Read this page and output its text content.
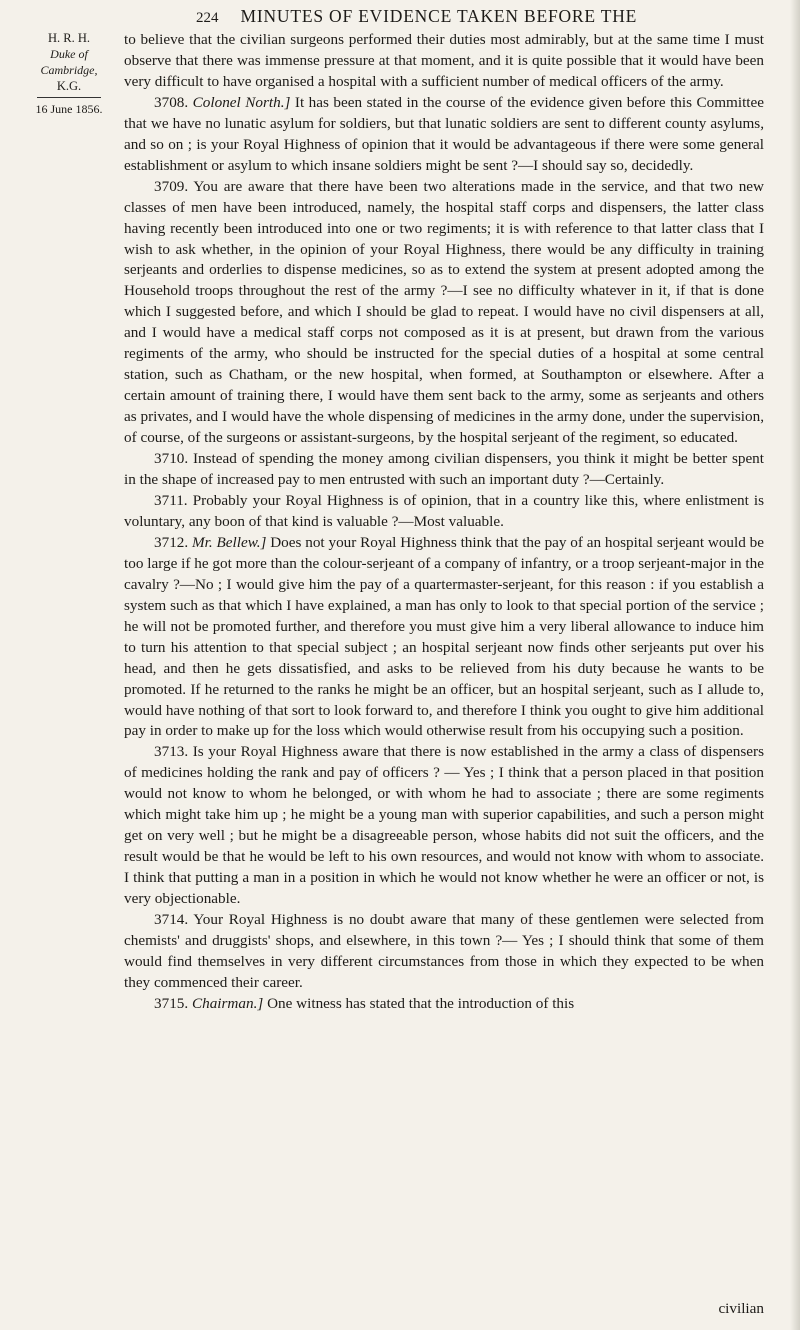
224 MINUTES OF EVIDENCE TAKEN BEFORE THE
H. R. H.
Duke of Cambridge,
K.G.
16 June 1856.

to believe that the civilian surgeons performed their duties most admirably, but at the same time I must observe that there was immense pressure at that moment, and it is quite possible that it would have been very difficult to have organised a hospital with a sufficient number of medical officers of the army.

3708. Colonel North.] It has been stated in the course of the evidence given before this Committee that we have no lunatic asylum for soldiers, but that lunatic soldiers are sent to different county asylums, and so on ; is your Royal Highness of opinion that it would be advantageous if there were some general establishment or asylum to which insane soldiers might be sent ?—I should say so, decidedly.

3709. You are aware that there have been two alterations made in the service, and that two new classes of men have been introduced, namely, the hospital staff corps and dispensers, the latter class having recently been introduced into one or two regiments; it is with reference to that latter class that I wish to ask whether, in the opinion of your Royal Highness, there would be any difficulty in training serjeants and orderlies to dispense medicines, so as to extend the system at present adopted among the Household troops throughout the rest of the army ?—I see no difficulty whatever in it, if that is done which I suggested before, and which I should be glad to repeat. I would have no civil dispensers at all, and I would have a medical staff corps not composed as it is at present, but drawn from the various regiments of the army, who should be instructed for the special duties of a hospital at some central station, such as Chatham, or the new hospital, when formed, at Southampton or elsewhere. After a certain amount of training there, I would have them sent back to the army, some as serjeants and others as privates, and I would have the whole dispensing of medicines in the army done, under the supervision, of course, of the surgeons or assistant-surgeons, by the hospital serjeant of the regiment, so educated.

3710. Instead of spending the money among civilian dispensers, you think it might be better spent in the shape of increased pay to men entrusted with such an important duty ?—Certainly.

3711. Probably your Royal Highness is of opinion, that in a country like this, where enlistment is voluntary, any boon of that kind is valuable ?—Most valuable.

3712. Mr. Bellew.] Does not your Royal Highness think that the pay of an hospital serjeant would be too large if he got more than the colour-serjeant of a company of infantry, or a troop serjeant-major in the cavalry ?—No ; I would give him the pay of a quartermaster-serjeant, for this reason : if you establish a system such as that which I have explained, a man has only to look to that special portion of the service ; he will not be promoted further, and therefore you must give him a very liberal allowance to induce him to turn his attention to that special subject ; an hospital serjeant now finds other serjeants put over his head, and then he gets dissatisfied, and asks to be relieved from his duty because he wants to be promoted. If he returned to the ranks he might be an officer, but an hospital serjeant, such as I allude to, would have nothing of that sort to look forward to, and therefore I think you ought to give him additional pay in order to make up for the loss which would otherwise result from his occupying such a position.

3713. Is your Royal Highness aware that there is now established in the army a class of dispensers of medicines holding the rank and pay of officers ? — Yes ; I think that a person placed in that position would not know to whom he belonged, or with whom he had to associate ; there are some regiments which might take him up ; he might be a young man with superior capabilities, and such a person might get on very well ; but he might be a disagreeable person, whose habits did not suit the officers, and the result would be that he would be left to his own resources, and would not know with whom to associate. I think that putting a man in a position in which he would not know whether he were an officer or not, is very objectionable.

3714. Your Royal Highness is no doubt aware that many of these gentlemen were selected from chemists' and druggists' shops, and elsewhere, in this town ?— Yes ; I should think that some of them would find themselves in very different circumstances from those in which they expected to be when they commenced their career.

3715. Chairman.] One witness has stated that the introduction of this

civilian
